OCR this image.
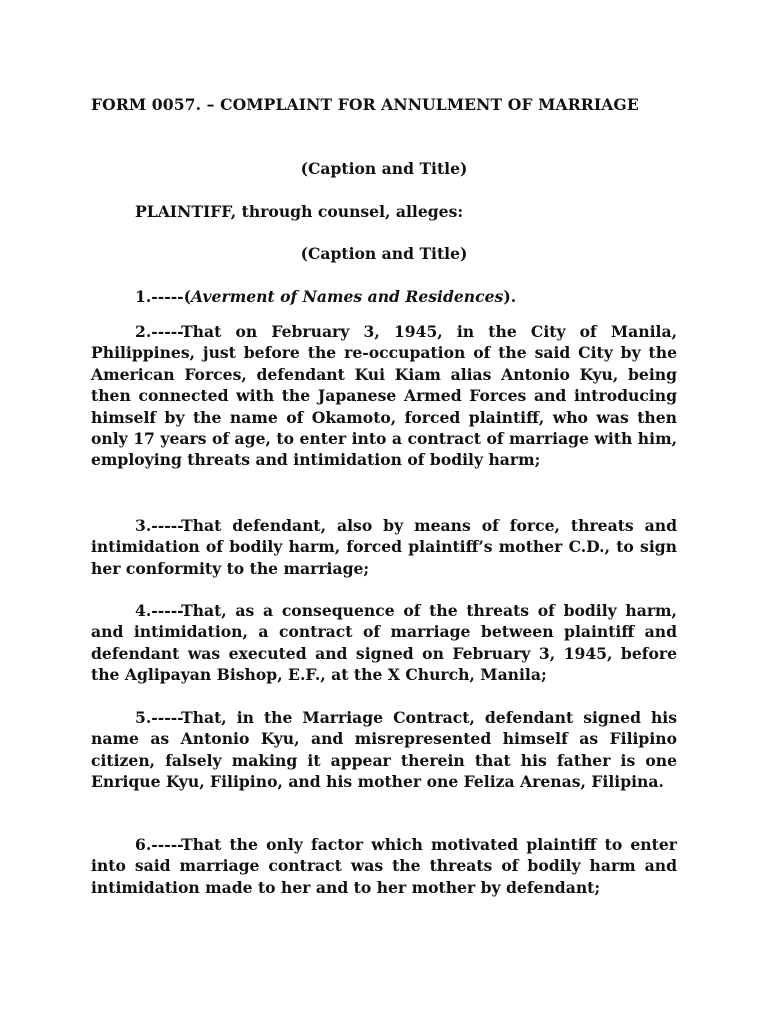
FORM 0057. – COMPLAINT FOR ANNULMENT OF MARRIAGE
(Caption and Title)
PLAINTIFF, through counsel, alleges:
(Caption and Title)
1.-----(Averment of Names and Residences).
2.-----That on February 3, 1945, in the City of Manila, Philippines, just before the re-occupation of the said City by the American Forces, defendant Kui Kiam alias Antonio Kyu, being then connected with the Japanese Armed Forces and introducing himself by the name of Okamoto, forced plaintiff, who was then only 17 years of age, to enter into a contract of marriage with him, employing threats and intimidation of bodily harm;
3.-----That defendant, also by means of force, threats and intimidation of bodily harm, forced plaintiff’s mother C.D., to sign her conformity to the marriage;
4.-----That, as a consequence of the threats of bodily harm, and intimidation, a contract of marriage between plaintiff and defendant was executed and signed on February 3, 1945, before the Aglipayan Bishop, E.F., at the X Church, Manila;
5.-----That, in the Marriage Contract, defendant signed his name as Antonio Kyu, and misrepresented himself as Filipino citizen, falsely making it appear therein that his father is one Enrique Kyu, Filipino, and his mother one Feliza Arenas, Filipina.
6.-----That the only factor which motivated plaintiff to enter into said marriage contract was the threats of bodily harm and intimidation made to her and to her mother by defendant;
